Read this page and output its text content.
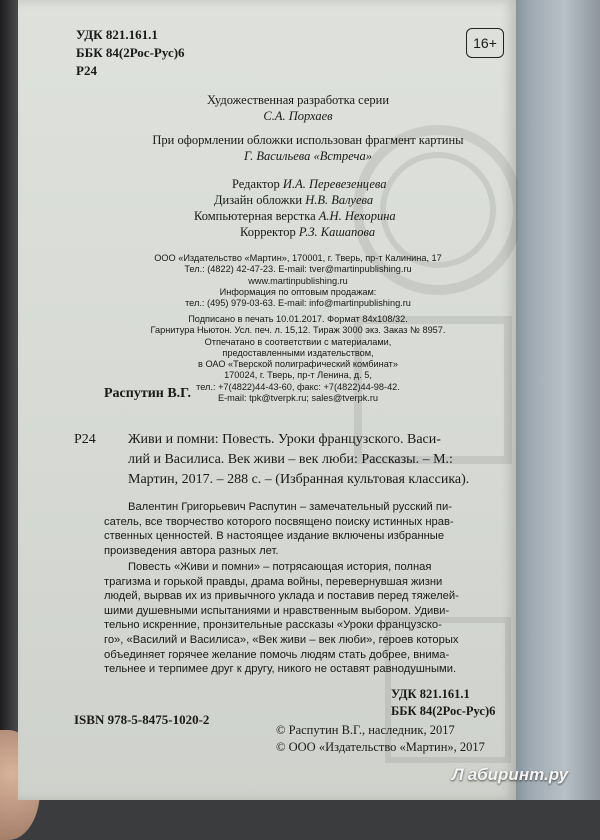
УДК 821.161.1
ББК 84(2Рос-Рус)6
Р24
16+
Художественная разработка серии
С.А. Порхаев
При оформлении обложки использован фрагмент картины
Г. Васильева «Встреча»
Редактор И.А. Перевезенцева
Дизайн обложки Н.В. Валуева
Компьютерная верстка А.Н. Нехорина
Корректор Р.З. Кашапова
ООО «Издательство «Мартин», 170001, г. Тверь, пр-т Калинина, 17
Тел.: (4822) 42-47-23. E-mail: tver@martinpublishing.ru
www.martinpublishing.ru
Информация по оптовым продажам:
тел.: (495) 979-03-63. E-mail: info@martinpublishing.ru
Подписано в печать 10.01.2017. Формат 84х108/32.
Гарнитура Ньютон. Усл. печ. л. 15,12. Тираж 3000 экз. Заказ № 8957.
Отпечатано в соответствии с материалами,
предоставленными издательством,
в ОАО «Тверской полиграфический комбинат»
170024, г. Тверь, пр-т Ленина, д. 5,
тел.: +7(4822)44-43-60, факс: +7(4822)44-98-42.
E-mail: tpk@tverpk.ru; sales@tverpk.ru
Распутин В.Г.
Р24 Живи и помни: Повесть. Уроки французского. Васи-
лий и Василиса. Век живи – век люби: Рассказы. – М.:
Мартин, 2017. – 288 с. – (Избранная культовая классика).
Валентин Григорьевич Распутин – замечательный русский пи-
сатель, все творчество которого посвящено поиску истинных нрав-
ственных ценностей. В настоящее издание включены избранные
произведения автора разных лет.
Повесть «Живи и помни» – потрясающая история, полная
трагизма и горькой правды, драма войны, перевернувшая жизни
людей, вырвав их из привычного уклада и поставив перед тяжелей-
шими душевными испытаниями и нравственным выбором. Удиви-
тельно искренние, пронзительные рассказы «Уроки французско-
го», «Василий и Василиса», «Век живи – век люби», героев которых
объединяет горячее желание помочь людям стать добрее, внима-
тельнее и терпимее друг к другу, никого не оставят равнодушными.
УДК 821.161.1
ББК 84(2Рос-Рус)6
ISBN 978-5-8475-1020-2
© Распутин В.Г., наследник, 2017
© ООО «Издательство «Мартин», 2017
Л абиринт.ру
